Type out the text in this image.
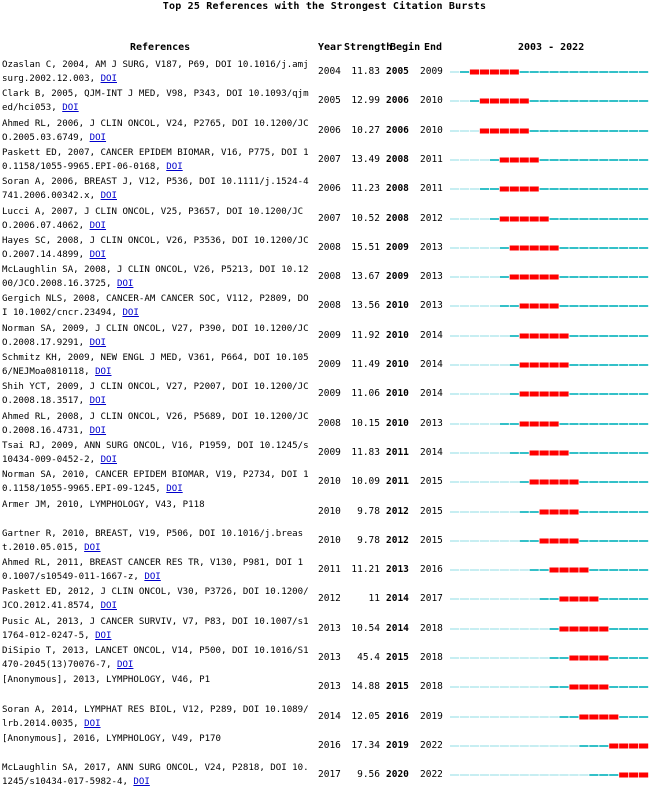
Top 25 References with the Strongest Citation Bursts
References	Year Strength
Begin End	2003 - 2022
Ozaslan C, 2004, AM J SURG, V187, P69, DOI 10.1016/j.amjsurg.2002.12.003, DOI
2004	11.83 2005	2009
Clark B, 2005, QJM-INT J MED, V98, P343, DOI 10.1093/qjmed/hci053, DOI
2005	12.99 2006	2010
Ahmed RL, 2006, J CLIN ONCOL, V24, P2765, DOI 10.1200/JCO.2005.03.6749, DOI
2006	10.27 2006	2010
Paskett ED, 2007, CANCER EPIDEM BIOMAR, V16, P775, DOI 10.1158/1055-9965.EPI-06-0168, DOI
2007	13.49 2008	2011
Soran A, 2006, BREAST J, V12, P536, DOI 10.1111/j.1524-4741.2006.00342.x, DOI
2006	11.23 2008	2011
Lucci A, 2007, J CLIN ONCOL, V25, P3657, DOI 10.1200/JCO.2006.07.4062, DOI
2007	10.52 2008	2012
Hayes SC, 2008, J CLIN ONCOL, V26, P3536, DOI 10.1200/JCO.2007.14.4899, DOI
2008	15.51 2009	2013
McLaughlin SA, 2008, J CLIN ONCOL, V26, P5213, DOI 10.1200/JCO.2008.16.3725, DOI
2008	13.67 2009	2013
Gergich NLS, 2008, CANCER-AM CANCER SOC, V112, P2809, DOI 10.1002/cncr.23494, DOI
2008	13.56 2010	2013
Norman SA, 2009, J CLIN ONCOL, V27, P390, DOI 10.1200/JCO.2008.17.9291, DOI
2009	11.92 2010	2014
Schmitz KH, 2009, NEW ENGL J MED, V361, P664, DOI 10.1056/NEJMoa0810118, DOI
2009	11.49 2010	2014
Shih YCT, 2009, J CLIN ONCOL, V27, P2007, DOI 10.1200/JCO.2008.18.3517, DOI
2009	11.06 2010	2014
Ahmed RL, 2008, J CLIN ONCOL, V26, P5689, DOI 10.1200/JCO.2008.16.4731, DOI
2008	10.15 2010	2013
Tsai RJ, 2009, ANN SURG ONCOL, V16, P1959, DOI 10.1245/s10434-009-0452-2, DOI
2009	11.83 2011	2014
Norman SA, 2010, CANCER EPIDEM BIOMAR, V19, P2734, DOI 10.1158/1055-9965.EPI-09-1245, DOI
2010	10.09 2011	2015
Armer JM, 2010, LYMPHOLOGY, V43, P118
2010	9.78 2012	2015
Gartner R, 2010, BREAST, V19, P506, DOI 10.1016/j.breast.2010.05.015, DOI
2010	9.78 2012	2015
Ahmed RL, 2011, BREAST CANCER RES TR, V130, P981, DOI 10.1007/s10549-011-1667-z, DOI
2011	11.21 2013	2016
Paskett ED, 2012, J CLIN ONCOL, V30, P3726, DOI 10.1200/JCO.2012.41.8574, DOI
2012	11 2014	2017
Pusic AL, 2013, J CANCER SURVIV, V7, P83, DOI 10.1007/s11764-012-0247-5, DOI
2013	10.54 2014	2018
DiSipio T, 2013, LANCET ONCOL, V14, P500, DOI 10.1016/S1470-2045(13)70076-7, DOI
2013	45.4 2015	2018
[Anonymous], 2013, LYMPHOLOGY, V46, P1
2013	14.88 2015	2018
Soran A, 2014, LYMPHAT RES BIOL, V12, P289, DOI 10.1089/lrb.2014.0035, DOI
2014	12.05 2016	2019
[Anonymous], 2016, LYMPHOLOGY, V49, P170
2016	17.34 2019	2022
McLaughlin SA, 2017, ANN SURG ONCOL, V24, P2818, DOI 10.1245/s10434-017-5982-4, DOI
2017	9.56 2020	2022
